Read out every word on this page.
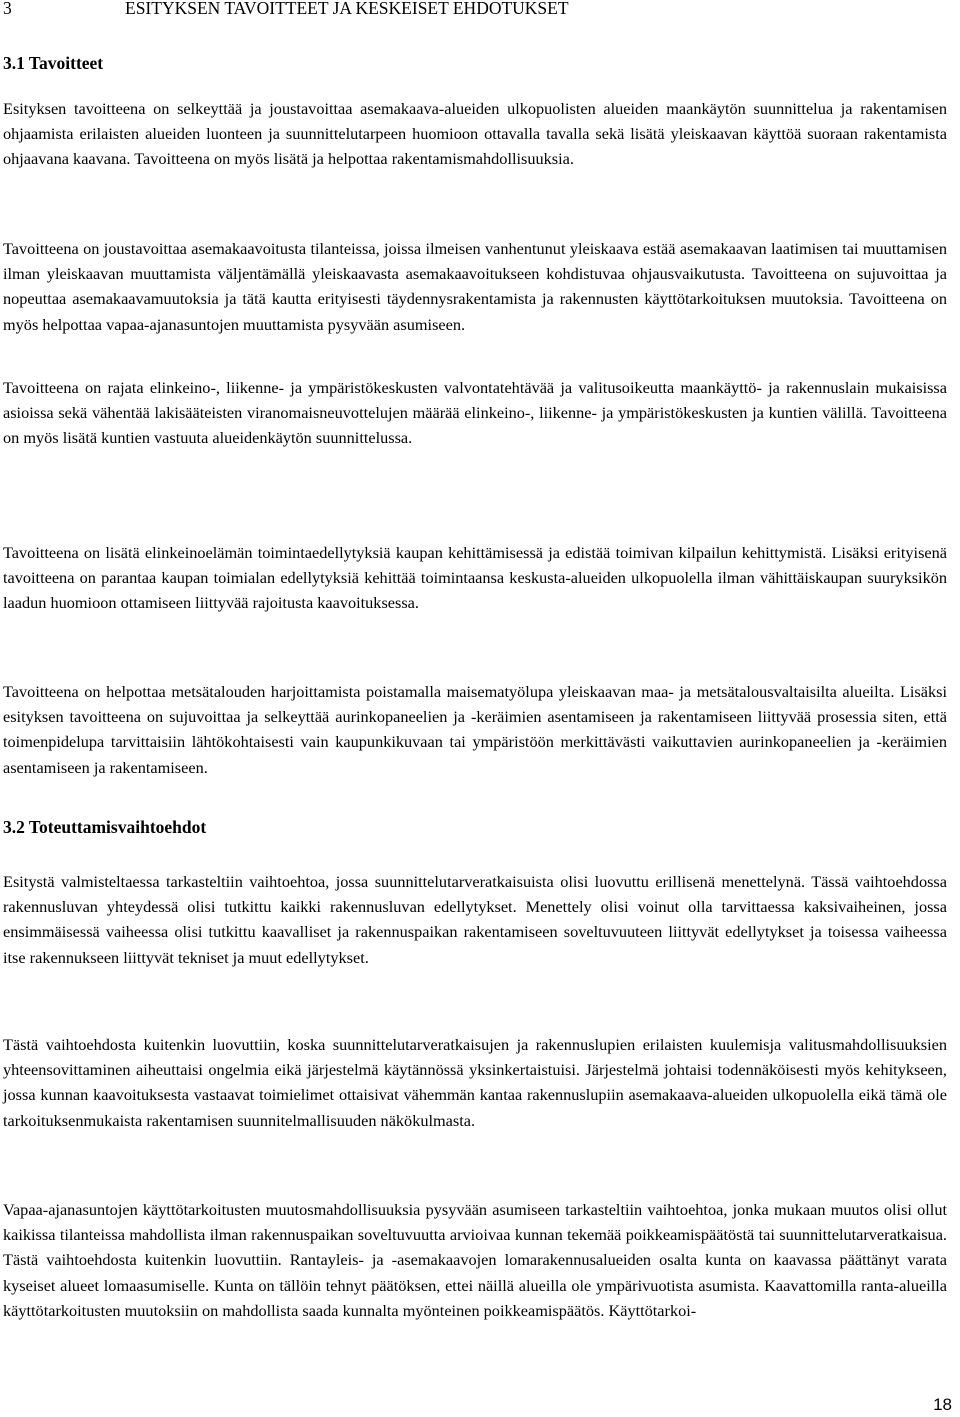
3	ESITYKSEN TAVOITTEET JA KESKEISET EHDOTUKSET
3.1 Tavoitteet

Esityksen tavoitteena on selkeyttää ja joustavoittaa asemakaava-alueiden ulkopuolisten alueiden maankäytön suunnittelua ja rakentamisen ohjaamista erilaisten alueiden luonteen ja suunnittelutarpeen huomioon ottavalla tavalla sekä lisätä yleiskaavan käyttöä suoraan rakentamista ohjaavana kaavana. Tavoitteena on myös lisätä ja helpottaa rakentamismahdollisuuksia.

Tavoitteena on joustavoittaa asemakaavoitusta tilanteissa, joissa ilmeisen vanhentunut yleiskaava estää asemakaavan laatimisen tai muuttamisen ilman yleiskaavan muuttamista väljentämällä yleiskaavasta asemakaavoitukseen kohdistuvaa ohjausvaikutusta. Tavoitteena on sujuvoittaa ja nopeuttaa asemakaavamuutoksia ja tätä kautta erityisesti täydennysrakentamista ja rakennusten käyttötarkoituksen muutoksia. Tavoitteena on myös helpottaa vapaa-ajanasuntojen muuttamista pysyvään asumiseen.

Tavoitteena on rajata elinkeino-, liikenne- ja ympäristökeskusten valvontatehtävää ja valitusoikeutta maankäyttö- ja rakennuslain mukaisissa asioissa sekä vähentää lakisääteisten viranomaisneuvottelujen määrää elinkeino-, liikenne- ja ympäristökeskusten ja kuntien välillä. Tavoitteena on myös lisätä kuntien vastuuta alueidenkäytön suunnittelussa.

Tavoitteena on lisätä elinkeinoelämän toimintaedellytyksiä kaupan kehittämisessä ja edistää toimivan kilpailun kehittymistä. Lisäksi erityisenä tavoitteena on parantaa kaupan toimialan edellytyksiä kehittää toimintaansa keskusta-alueiden ulkopuolella ilman vähittäiskaupan suuryksikön laadun huomioon ottamiseen liittyvää rajoitusta kaavoituksessa.

Tavoitteena on helpottaa metsätalouden harjoittamista poistamalla maisematyölupa yleiskaavan maa- ja metsätalousvaltaisilta alueilta. Lisäksi esityksen tavoitteena on sujuvoittaa ja selkeyttää aurinkopaneelien ja -keräimien asentamiseen ja rakentamiseen liittyvää prosessia siten, että toimenpidelupa tarvittaisiin lähtökohtaisesti vain kaupunkikuvaan tai ympäristöön merkittävästi vaikuttavien aurinkopaneelien ja -keräimien asentamiseen ja rakentamiseen.

3.2 Toteuttamisvaihtoehdot

Esitystä valmisteltaessa tarkasteltiin vaihtoehtoa, jossa suunnittelutarveratkaisuista olisi luovuttu erillisenä menettelynä. Tässä vaihtoehdossa rakennusluvan yhteydessä olisi tutkittu kaikki rakennusluvan edellytykset. Menettely olisi voinut olla tarvittaessa kaksivaiheinen, jossa ensimmäisessä vaiheessa olisi tutkittu kaavalliset ja rakennuspaikan rakentamiseen soveltuvuuteen liittyvät edellytykset ja toisessa vaiheessa itse rakennukseen liittyvät tekniset ja muut edellytykset.

Tästä vaihtoehdosta kuitenkin luovuttiin, koska suunnittelutarveratkaisujen ja rakennuslupien erilaisten kuulemisja valitusmahdollisuuksien yhteensovittaminen aiheuttaisi ongelmia eikä järjestelmä käytännössä yksinkertaistuisi. Järjestelmä johtaisi todennäköisesti myös kehitykseen, jossa kunnan kaavoituksesta vastaavat toimielimet ottaisivat vähemmän kantaa rakennuslupiin asemakaava-alueiden ulkopuolella eikä tämä ole tarkoituksenmukaista rakentamisen suunnitelmallisuuden näkökulmasta.

Vapaa-ajanasuntojen käyttötarkoitusten muutosmahdollisuuksia pysyvään asumiseen tarkasteltiin vaihtoehtoa, jonka mukaan muutos olisi ollut kaikissa tilanteissa mahdollista ilman rakennuspaikan soveltuvuutta arvioivaa kunnan tekemää poikkeamispäätöstä tai suunnittelutarveratkaisua. Tästä vaihtoehdosta kuitenkin luovuttiin. Rantayleis- ja -asemakaavojen lomarakennusalueiden osalta kunta on kaavassa päättänyt varata kyseiset alueet lomaasumiselle. Kunta on tällöin tehnyt päätöksen, ettei näillä alueilla ole ympärivuotista asumista. Kaavattomilla ranta-alueilla käyttötarkoitusten muutoksiin on mahdollista saada kunnalta myönteinen poikkeamispäätös. Käyttötarkoi-

18
